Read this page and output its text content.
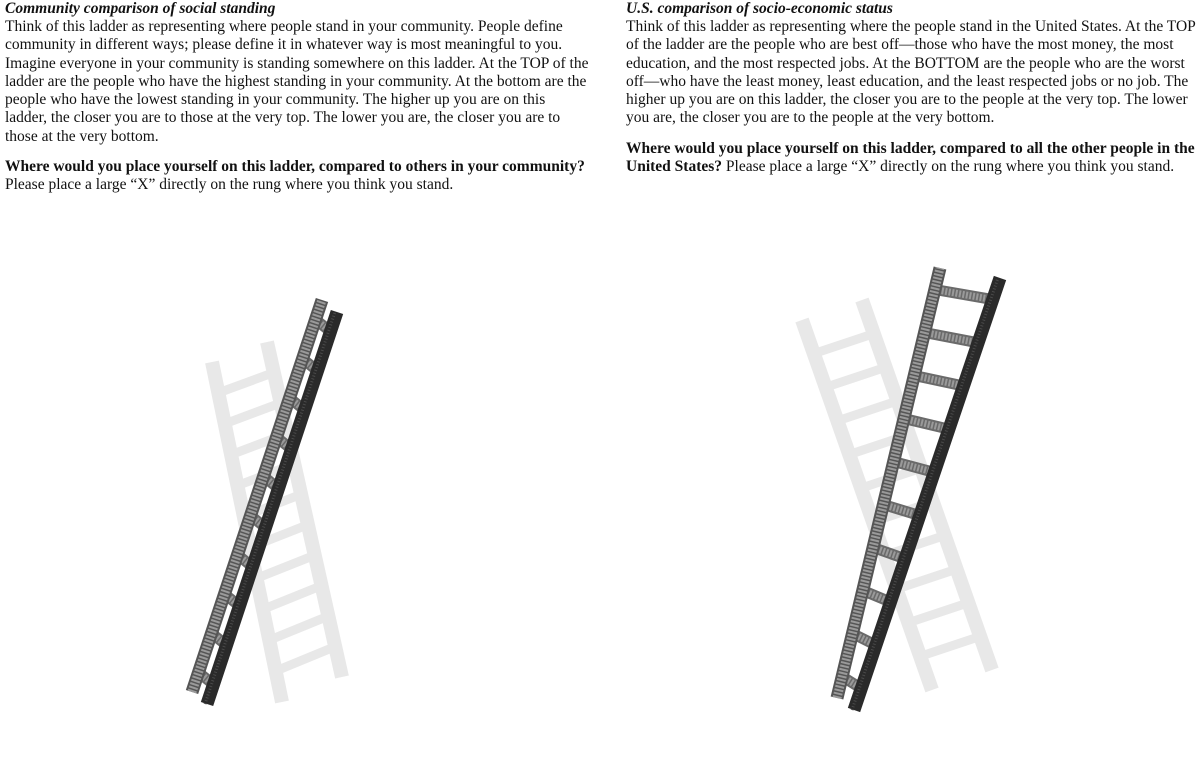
Community comparison of social standing

Think of this ladder as representing where people stand in your community. People define community in different ways; please define it in whatever way is most meaningful to you. Imagine everyone in your community is standing somewhere on this ladder. At the TOP of the ladder are the people who have the highest standing in your community. At the bottom are the people who have the lowest standing in your community. The higher up you are on this ladder, the closer you are to those at the very top. The lower you are, the closer you are to those at the very bottom.

Where would you place yourself on this ladder, compared to others in your community? Please place a large “X” directly on the rung where you think you stand.

U.S. comparison of socio-economic status

Think of this ladder as representing where the people stand in the United States. At the TOP of the ladder are the people who are best off—those who have the most money, the most education, and the most respected jobs. At the BOTTOM are the people who are the worst off—who have the least money, least education, and the least respected jobs or no job. The higher up you are on this ladder, the closer you are to the people at the very top. The lower you are, the closer you are to the people at the very bottom.

Where would you place yourself on this ladder, compared to all the other people in the United States? Please place a large “X” directly on the rung where you think you stand.
